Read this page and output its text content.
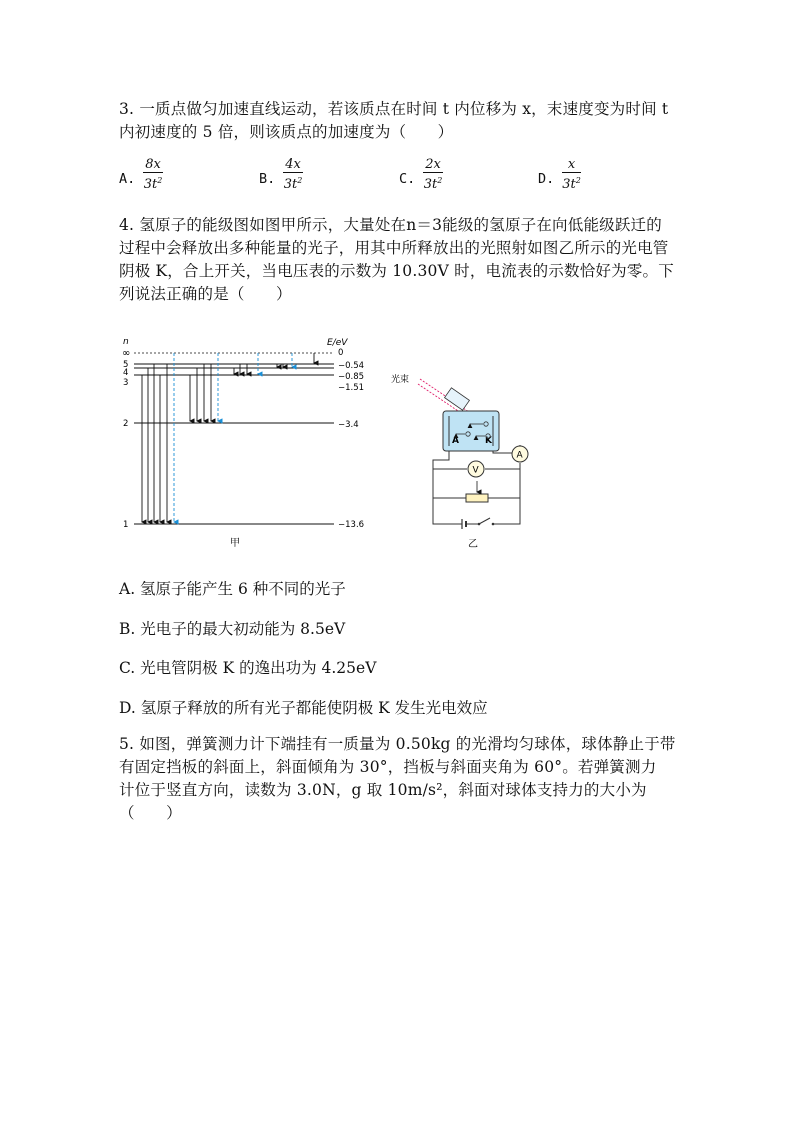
3. 一质点做匀加速直线运动，若该质点在时间 t 内位移为 x，末速度变为时间 t
内初速度的 5 倍，则该质点的加速度为（　　）
A. $\frac{8x}{3t^2}$	B. $\frac{4x}{3t^2}$	C. $\frac{2x}{3t^2}$	D. $\frac{x}{3t^2}$
4. 氢原子的能级图如图甲所示，大量处在n＝3能级的氢原子在向低能级跃迁的
过程中会释放出多种能量的光子，用其中所释放出的光照射如图乙所示的光电管
阴极 K，合上开关，当电压表的示数为 10.30V 时，电流表的示数恰好为零。下
列说法正确的是（　　）
n	E/eV
∞
5
4
3
2
1
0
−0.54
−0.85
−1.51
−3.4
−13.6
甲
光束
A	K
A
V
乙
A. 氢原子能产生 6 种不同的光子
B. 光电子的最大初动能为 8.5eV
C. 光电管阴极 K 的逸出功为 4.25eV
D. 氢原子释放的所有光子都能使阴极 K 发生光电效应
5. 如图，弹簧测力计下端挂有一质量为 0.50kg 的光滑均匀球体，球体静止于带
有固定挡板的斜面上，斜面倾角为 30°，挡板与斜面夹角为 60°。若弹簧测力
计位于竖直方向，读数为 3.0N，g 取 10m/s²，斜面对球体支持力的大小为（　　）
